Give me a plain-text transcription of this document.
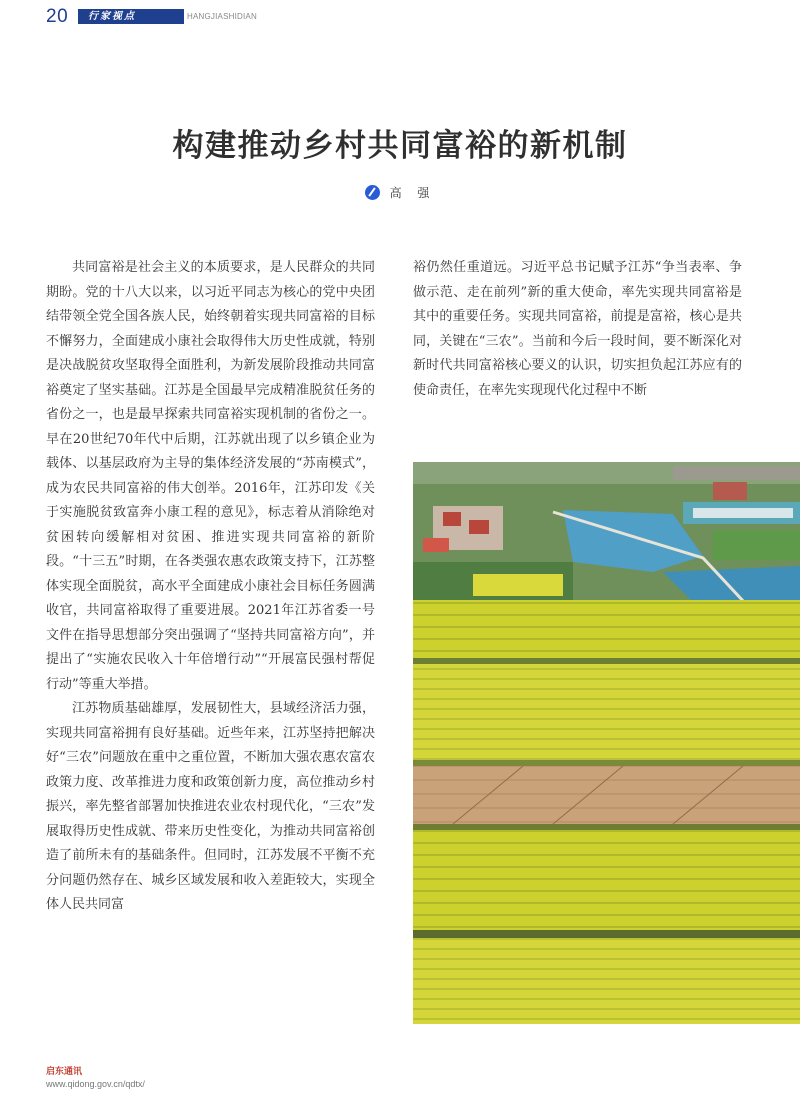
20	行家视点	HANGJIASHIDIAN
构建推动乡村共同富裕的新机制
高 强

共同富裕是社会主义的本质要求，是人民群众的共同期盼。党的十八大以来，以习近平同志为核心的党中央团结带领全党全国各族人民，始终朝着实现共同富裕的目标不懈努力，全面建成小康社会取得伟大历史性成就，特别是决战脱贫攻坚取得全面胜利，为新发展阶段推动共同富裕奠定了坚实基础。江苏是全国最早完成精准脱贫任务的省份之一，也是最早探索共同富裕实现机制的省份之一。早在20世纪70年代中后期，江苏就出现了以乡镇企业为载体、以基层政府为主导的集体经济发展的“苏南模式”，成为农民共同富裕的伟大创举。2016年，江苏印发《关于实施脱贫致富奔小康工程的意见》，标志着从消除绝对贫困转向缓解相对贫困、推进实现共同富裕的新阶段。“十三五”时期，在各类强农惠农政策支持下，江苏整体实现全面脱贫，高水平全面建成小康社会目标任务圆满收官，共同富裕取得了重要进展。2021年江苏省委一号文件在指导思想部分突出强调了“坚持共同富裕方向”，并提出了“实施农民收入十年倍增行动”“开展富民强村帮促行动”等重大举措。

江苏物质基础雄厚，发展韧性大，县域经济活力强，实现共同富裕拥有良好基础。近些年来，江苏坚持把解决好“三农”问题放在重中之重位置，不断加大强农惠农富农政策力度、改革推进力度和政策创新力度，高位推动乡村振兴，率先整省部署加快推进农业农村现代化，“三农”发展取得历史性成就、带来历史性变化，为推动共同富裕创造了前所未有的基础条件。但同时，江苏发展不平衡不充分问题仍然存在、城乡区域发展和收入差距较大，实现全体人民共同富

裕仍然任重道远。习近平总书记赋予江苏“争当表率、争做示范、走在前列”新的重大使命，率先实现共同富裕是其中的重要任务。实现共同富裕，前提是富裕，核心是共同，关键在“三农”。当前和今后一段时间，要不断深化对新时代共同富裕核心要义的认识，切实担负起江苏应有的使命责任，在率先实现现代化过程中不断

启东通讯
www.qidong.gov.cn/qdtx/
